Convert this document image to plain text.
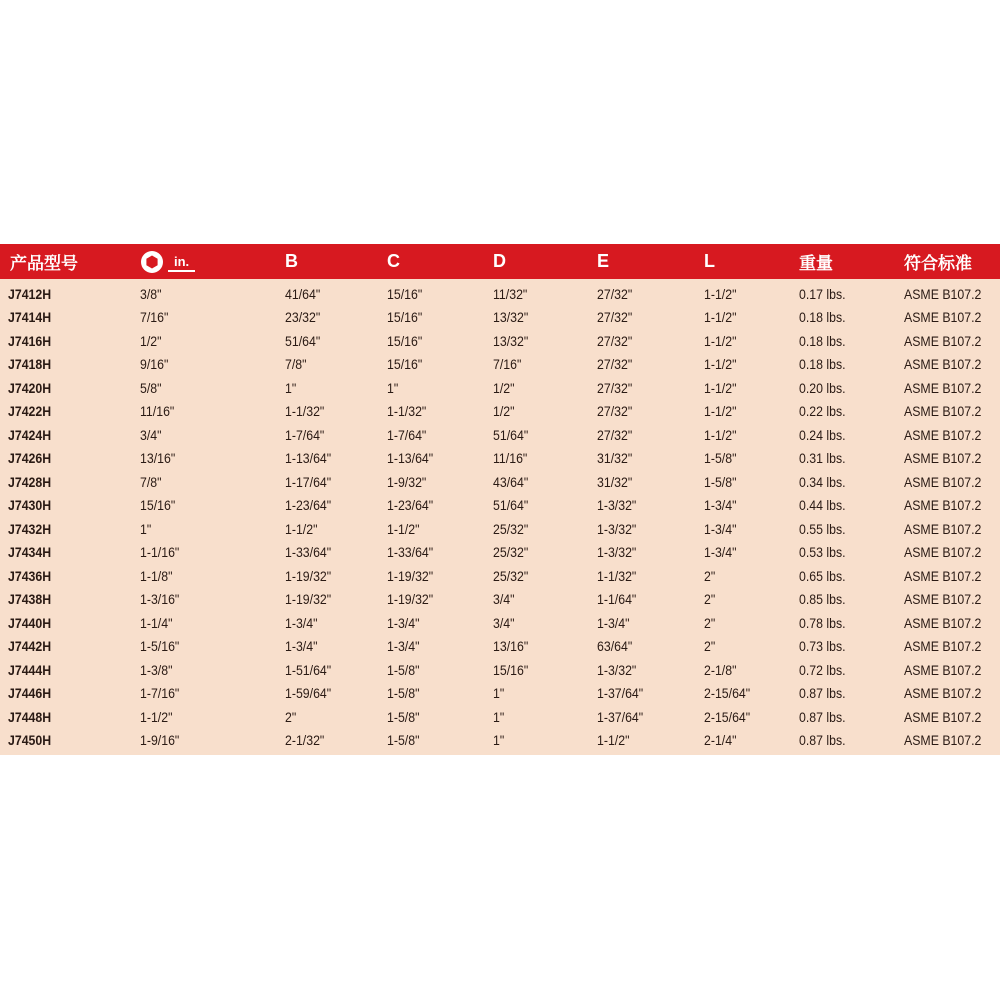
产品型号	in.	B	C	D	E	L	重量	符合标准
J7412H	3/8"	41/64"	15/16"	11/32"	27/32"	1-1/2"	0.17 lbs.	ASME B107.2
J7414H	7/16"	23/32"	15/16"	13/32"	27/32"	1-1/2"	0.18 lbs.	ASME B107.2
J7416H	1/2"	51/64"	15/16"	13/32"	27/32"	1-1/2"	0.18 lbs.	ASME B107.2
J7418H	9/16"	7/8"	15/16"	7/16"	27/32"	1-1/2"	0.18 lbs.	ASME B107.2
J7420H	5/8"	1"	1"	1/2"	27/32"	1-1/2"	0.20 lbs.	ASME B107.2
J7422H	11/16"	1-1/32"	1-1/32"	1/2"	27/32"	1-1/2"	0.22 lbs.	ASME B107.2
J7424H	3/4"	1-7/64"	1-7/64"	51/64"	27/32"	1-1/2"	0.24 lbs.	ASME B107.2
J7426H	13/16"	1-13/64"	1-13/64"	11/16"	31/32"	1-5/8"	0.31 lbs.	ASME B107.2
J7428H	7/8"	1-17/64"	1-9/32"	43/64"	31/32"	1-5/8"	0.34 lbs.	ASME B107.2
J7430H	15/16"	1-23/64"	1-23/64"	51/64"	1-3/32"	1-3/4"	0.44 lbs.	ASME B107.2
J7432H	1"	1-1/2"	1-1/2"	25/32"	1-3/32"	1-3/4"	0.55 lbs.	ASME B107.2
J7434H	1-1/16"	1-33/64"	1-33/64"	25/32"	1-3/32"	1-3/4"	0.53 lbs.	ASME B107.2
J7436H	1-1/8"	1-19/32"	1-19/32"	25/32"	1-1/32"	2"	0.65 lbs.	ASME B107.2
J7438H	1-3/16"	1-19/32"	1-19/32"	3/4"	1-1/64"	2"	0.85 lbs.	ASME B107.2
J7440H	1-1/4"	1-3/4"	1-3/4"	3/4"	1-3/4"	2"	0.78 lbs.	ASME B107.2
J7442H	1-5/16"	1-3/4"	1-3/4"	13/16"	63/64"	2"	0.73 lbs.	ASME B107.2
J7444H	1-3/8"	1-51/64"	1-5/8"	15/16"	1-3/32"	2-1/8"	0.72 lbs.	ASME B107.2
J7446H	1-7/16"	1-59/64"	1-5/8"	1"	1-37/64"	2-15/64"	0.87 lbs.	ASME B107.2
J7448H	1-1/2"	2"	1-5/8"	1"	1-37/64"	2-15/64"	0.87 lbs.	ASME B107.2
J7450H	1-9/16"	2-1/32"	1-5/8"	1"	1-1/2"	2-1/4"	0.87 lbs.	ASME B107.2
